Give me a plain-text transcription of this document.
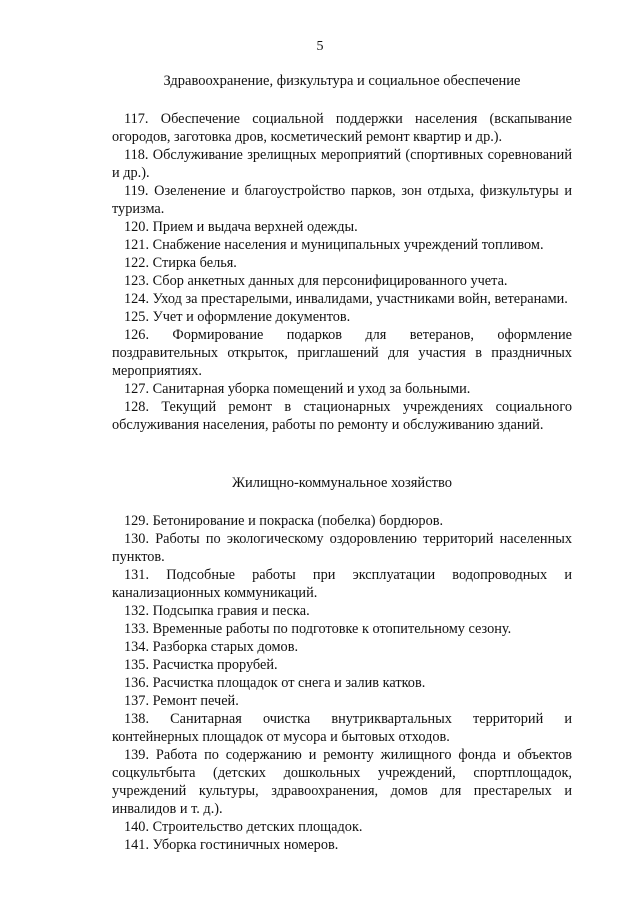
5
Здравоохранение, физкультура и социальное обеспечение
117. Обеспечение социальной поддержки населения (вскапывание огородов, заготовка дров, косметический ремонт квартир и др.).
118. Обслуживание зрелищных мероприятий (спортивных соревнований и др.).
119. Озеленение и благоустройство парков, зон отдыха, физкультуры и туризма.
120. Прием и выдача верхней одежды.
121. Снабжение населения и муниципальных учреждений топливом.
122. Стирка белья.
123. Сбор анкетных данных для персонифицированного учета.
124. Уход за престарелыми, инвалидами, участниками войн, ветеранами.
125. Учет и оформление документов.
126. Формирование подарков для ветеранов, оформление поздравительных открыток, приглашений для участия в праздничных мероприятиях.
127. Санитарная уборка помещений и уход за больными.
128. Текущий ремонт в стационарных учреждениях социального обслуживания населения, работы по ремонту и обслуживанию зданий.
Жилищно-коммунальное хозяйство
129. Бетонирование и покраска (побелка) бордюров.
130. Работы по экологическому оздоровлению территорий населенных пунктов.
131. Подсобные работы при эксплуатации водопроводных и канализационных коммуникаций.
132. Подсыпка гравия и песка.
133. Временные работы по подготовке к отопительному сезону.
134. Разборка старых домов.
135. Расчистка прорубей.
136. Расчистка площадок от снега и залив катков.
137. Ремонт печей.
138. Санитарная очистка внутриквартальных территорий и контейнерных площадок от мусора и бытовых отходов.
139. Работа по содержанию и ремонту жилищного фонда и объектов соцкультбыта (детских дошкольных учреждений, спортплощадок, учреждений культуры, здравоохранения, домов для престарелых и инвалидов и т. д.).
140. Строительство детских площадок.
141. Уборка гостиничных номеров.
